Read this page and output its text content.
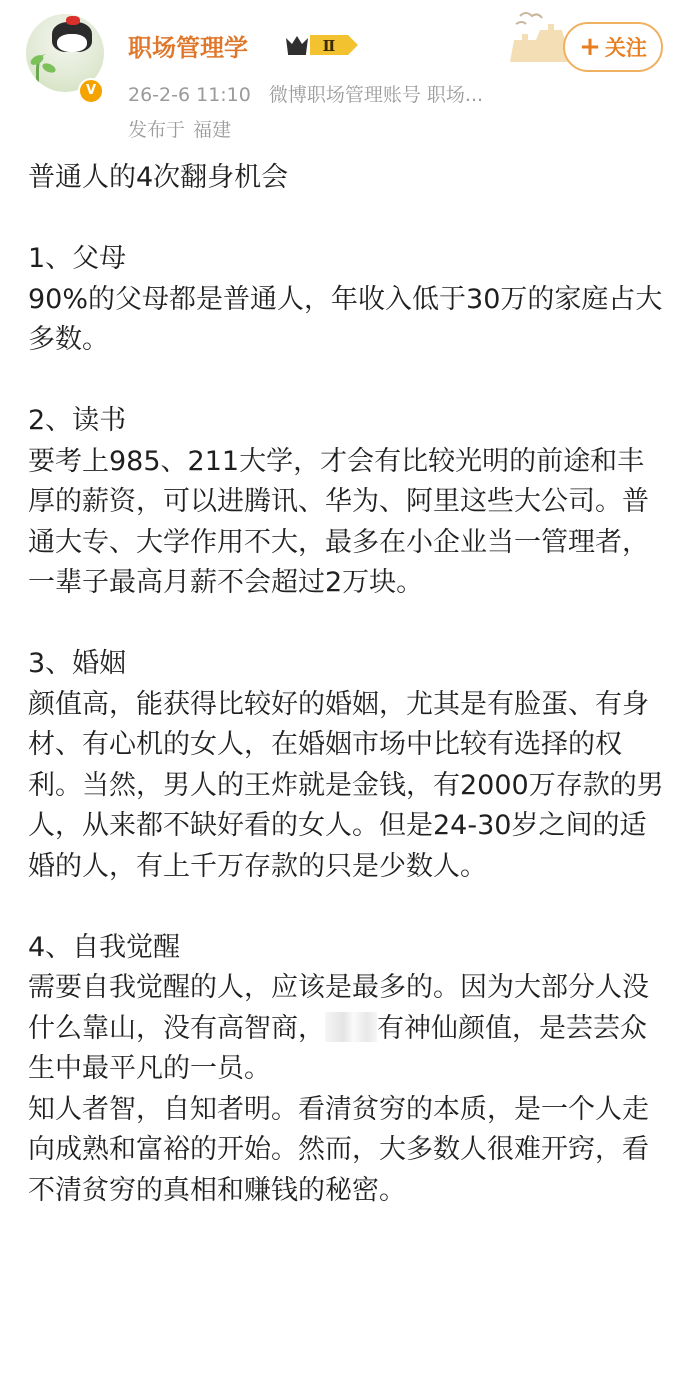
V
职场管理学	Ⅱ
26-2-6 11:10 微博职场管理账号 职场...
发布于 福建
+ 关注

普通人的4次翻身机会

1、父母

90%的父母都是普通人，年收入低于30万的家庭占大多数。

2、读书

要考上985、211大学，才会有比较光明的前途和丰厚的薪资，可以进腾讯、华为、阿里这些大公司。普通大专、大学作用不大，最多在小企业当一管理者，一辈子最高月薪不会超过2万块。

3、婚姻

颜值高，能获得比较好的婚姻，尤其是有脸蛋、有身材、有心机的女人，在婚姻市场中比较有选择的权利。当然，男人的王炸就是金钱，有2000万存款的男人，从来都不缺好看的女人。但是24-30岁之间的适婚的人，有上千万存款的只是少数人。

4、自我觉醒

需要自我觉醒的人，应该是最多的。因为大部分人没什么靠山，没有高智商， 有神仙颜值，是芸芸众生中最平凡的一员。

知人者智，自知者明。看清贫穷的本质，是一个人走向成熟和富裕的开始。然而，大多数人很难开窍，看不清贫穷的真相和赚钱的秘密。
